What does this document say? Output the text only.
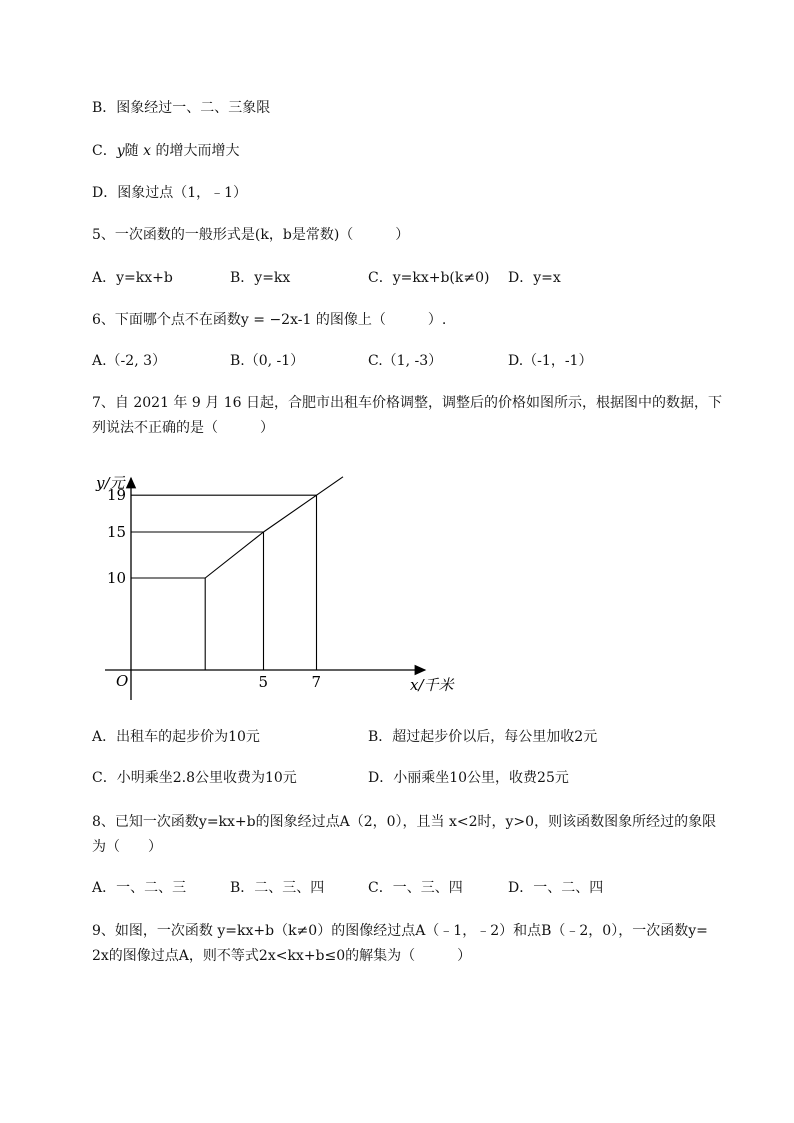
B．图象经过一、二、三象限
C．y随 x 的增大而增大
D．图象过点（1，﹣1）
5、一次函数的一般形式是(k，b是常数)（　　　）
A．y=kx+b	B．y=kx	C．y=kx+b(k≠0) D．y=x
6、下面哪个点不在函数y = −2x-1 的图像上（　　　）.
A.（-2, 3）	B.（0, -1）	C.（1, -3）	D.（-1，-1）
7、自 2021 年 9 月 16 日起，合肥市出租车价格调整，调整后的价格如图所示，根据图中的数据，下
列说法不正确的是（　　　）
19
15
10
5	7
y/元
O	x/千米
A．出租车的起步价为10元	B．超过起步价以后，每公里加收2元
C．小明乘坐2.8公里收费为10元	D．小丽乘坐10公里，收费25元
8、已知一次函数y=kx+b的图象经过点A（2，0），且当 x<2时，y>0，则该函数图象所经过的象限
为（　　）
A．一、二、三	B．二、三、四	C．一、三、四	D．一、二、四
9、如图，一次函数 y=kx+b（k≠0）的图像经过点A（﹣1，﹣2）和点B（﹣2，0），一次函数y=
2x的图像过点A，则不等式2x<kx+b≤0的解集为（　　　）
